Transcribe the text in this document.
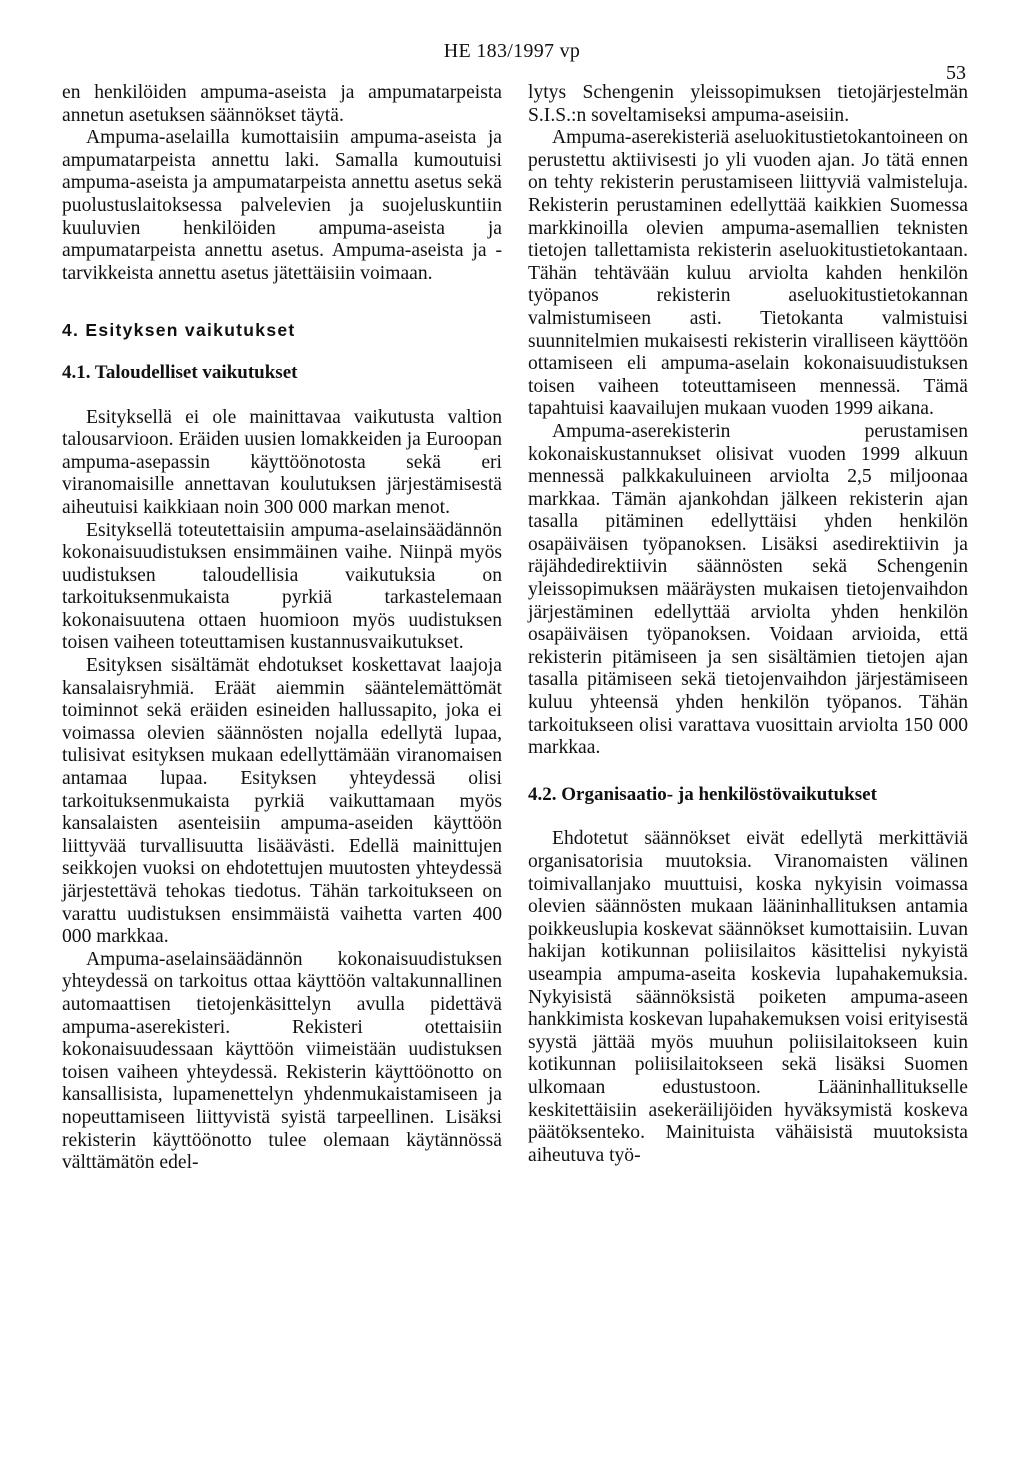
HE 183/1997 vp
53

en henkilöiden ampuma-aseista ja ampumatarpeista annetun asetuksen säännökset täytä.

Ampuma-aselailla kumottaisiin ampuma-aseista ja ampumatarpeista annettu laki. Samalla kumoutuisi ampuma-aseista ja ampumatarpeista annettu asetus sekä puolustuslaitoksessa palvelevien ja suojeluskuntiin kuuluvien henkilöiden ampuma-aseista ja ampumatarpeista annettu asetus. Ampuma-aseista ja -tarvikkeista annettu asetus jätettäisiin voimaan.

4. Esityksen vaikutukset
4.1. Taloudelliset vaikutukset

Esityksellä ei ole mainittavaa vaikutusta valtion talousarvioon. Eräiden uusien lomakkeiden ja Euroopan ampuma-asepassin käyttöönotosta sekä eri viranomaisille annettavan koulutuksen järjestämisestä aiheutuisi kaikkiaan noin 300 000 markan menot.

Esityksellä toteutettaisiin ampuma-aselainsäädännön kokonaisuudistuksen ensimmäinen vaihe. Niinpä myös uudistuksen taloudellisia vaikutuksia on tarkoituksenmukaista pyrkiä tarkastelemaan kokonaisuutena ottaen huomioon myös uudistuksen toisen vaiheen toteuttamisen kustannusvaikutukset.

Esityksen sisältämät ehdotukset koskettavat laajoja kansalaisryhmiä. Eräät aiemmin sääntelemättömät toiminnot sekä eräiden esineiden hallussapito, joka ei voimassa olevien säännösten nojalla edellytä lupaa, tulisivat esityksen mukaan edellyttämään viranomaisen antamaa lupaa. Esityksen yhteydessä olisi tarkoituksenmukaista pyrkiä vaikuttamaan myös kansalaisten asenteisiin ampuma-aseiden käyttöön liittyvää turvallisuutta lisäävästi. Edellä mainittujen seikkojen vuoksi on ehdotettujen muutosten yhteydessä järjestettävä tehokas tiedotus. Tähän tarkoitukseen on varattu uudistuksen ensimmäistä vaihetta varten 400 000 markkaa.

Ampuma-aselainsäädännön kokonaisuudistuksen yhteydessä on tarkoitus ottaa käyttöön valtakunnallinen automaattisen tietojenkäsittelyn avulla pidettävä ampuma-aserekisteri. Rekisteri otettaisiin kokonaisuudessaan käyttöön viimeistään uudistuksen toisen vaiheen yhteydessä. Rekisterin käyttöönotto on kansallisista, lupamenettelyn yhdenmukaistamiseen ja nopeuttamiseen liittyvistä syistä tarpeellinen. Lisäksi rekisterin käyttöönotto tulee olemaan käytännössä välttämätön edel-

lytys Schengenin yleissopimuksen tietojärjestelmän S.I.S.:n soveltamiseksi ampuma-aseisiin.

Ampuma-aserekisteriä aseluokitustietokantoineen on perustettu aktiivisesti jo yli vuoden ajan. Jo tätä ennen on tehty rekisterin perustamiseen liittyviä valmisteluja. Rekisterin perustaminen edellyttää kaikkien Suomessa markkinoilla olevien ampuma-asemallien teknisten tietojen tallettamista rekisterin aseluokitustietokantaan. Tähän tehtävään kuluu arviolta kahden henkilön työpanos rekisterin aseluokitustietokannan valmistumiseen asti. Tietokanta valmistuisi suunnitelmien mukaisesti rekisterin viralliseen käyttöön ottamiseen eli ampuma-aselain kokonaisuudistuksen toisen vaiheen toteuttamiseen mennessä. Tämä tapahtuisi kaavailujen mukaan vuoden 1999 aikana.

Ampuma-aserekisterin perustamisen kokonaiskustannukset olisivat vuoden 1999 alkuun mennessä palkkakuluineen arviolta 2,5 miljoonaa markkaa. Tämän ajankohdan jälkeen rekisterin ajan tasalla pitäminen edellyttäisi yhden henkilön osapäiväisen työpanoksen. Lisäksi asedirektiivin ja räjähdedirektiivin säännösten sekä Schengenin yleissopimuksen määräysten mukaisen tietojenvaihdon järjestäminen edellyttää arviolta yhden henkilön osapäiväisen työpanoksen. Voidaan arvioida, että rekisterin pitämiseen ja sen sisältämien tietojen ajan tasalla pitämiseen sekä tietojenvaihdon järjestämiseen kuluu yhteensä yhden henkilön työpanos. Tähän tarkoitukseen olisi varattava vuosittain arviolta 150 000 markkaa.

4.2. Organisaatio- ja henkilöstövaikutukset

Ehdotetut säännökset eivät edellytä merkittäviä organisatorisia muutoksia. Viranomaisten välinen toimivallanjako muuttuisi, koska nykyisin voimassa olevien säännösten mukaan lääninhallituksen antamia poikkeuslupia koskevat säännökset kumottaisiin. Luvan hakijan kotikunnan poliisilaitos käsittelisi nykyistä useampia ampuma-aseita koskevia lupahakemuksia. Nykyisistä säännöksistä poiketen ampuma-aseen hankkimista koskevan lupahakemuksen voisi erityisestä syystä jättää myös muuhun poliisilaitokseen kuin kotikunnan poliisilaitokseen sekä lisäksi Suomen ulkomaan edustustoon. Lääninhallitukselle keskitettäisiin asekeräilijöiden hyväksymistä koskeva päätöksenteko. Mainituista vähäisistä muutoksista aiheutuva työ-
